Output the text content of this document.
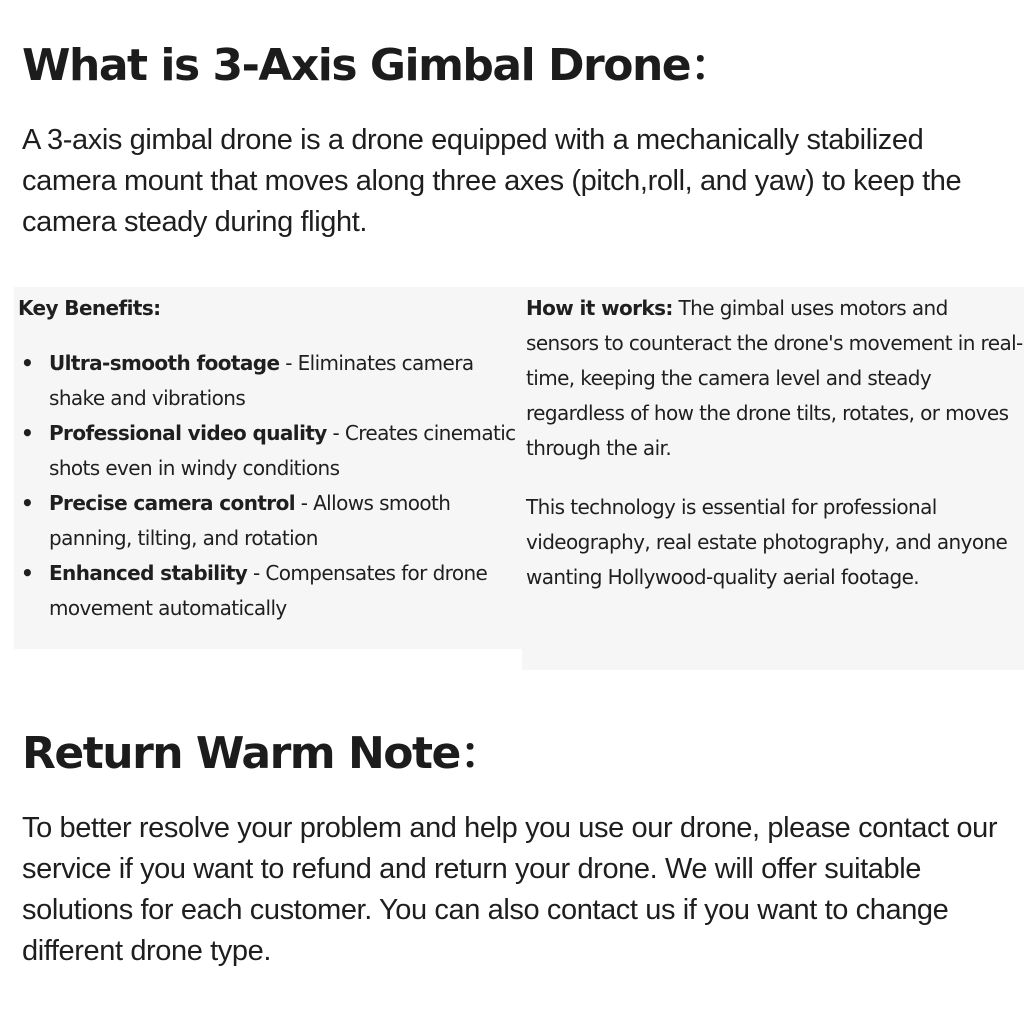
What is 3-Axis Gimbal Drone：

A 3-axis gimbal drone is a drone equipped with a mechanically stabilized camera mount that moves along three axes (pitch,roll, and yaw) to keep the camera steady during flight.

Key Benefits:
• Ultra-smooth footage - Eliminates camera shake and vibrations
• Professional video quality - Creates cinematic shots even in windy conditions
• Precise camera control - Allows smooth panning, tilting, and rotation
• Enhanced stability - Compensates for drone movement automatically

How it works: The gimbal uses motors and sensors to counteract the drone's movement in real-time, keeping the camera level and steady regardless of how the drone tilts, rotates, or moves through the air.

This technology is essential for professional videography, real estate photography, and anyone wanting Hollywood-quality aerial footage.

Return Warm Note：

To better resolve your problem and help you use our drone, please contact our service if you want to refund and return your drone. We will offer suitable solutions for each customer. You can also contact us if you want to change different drone type.
